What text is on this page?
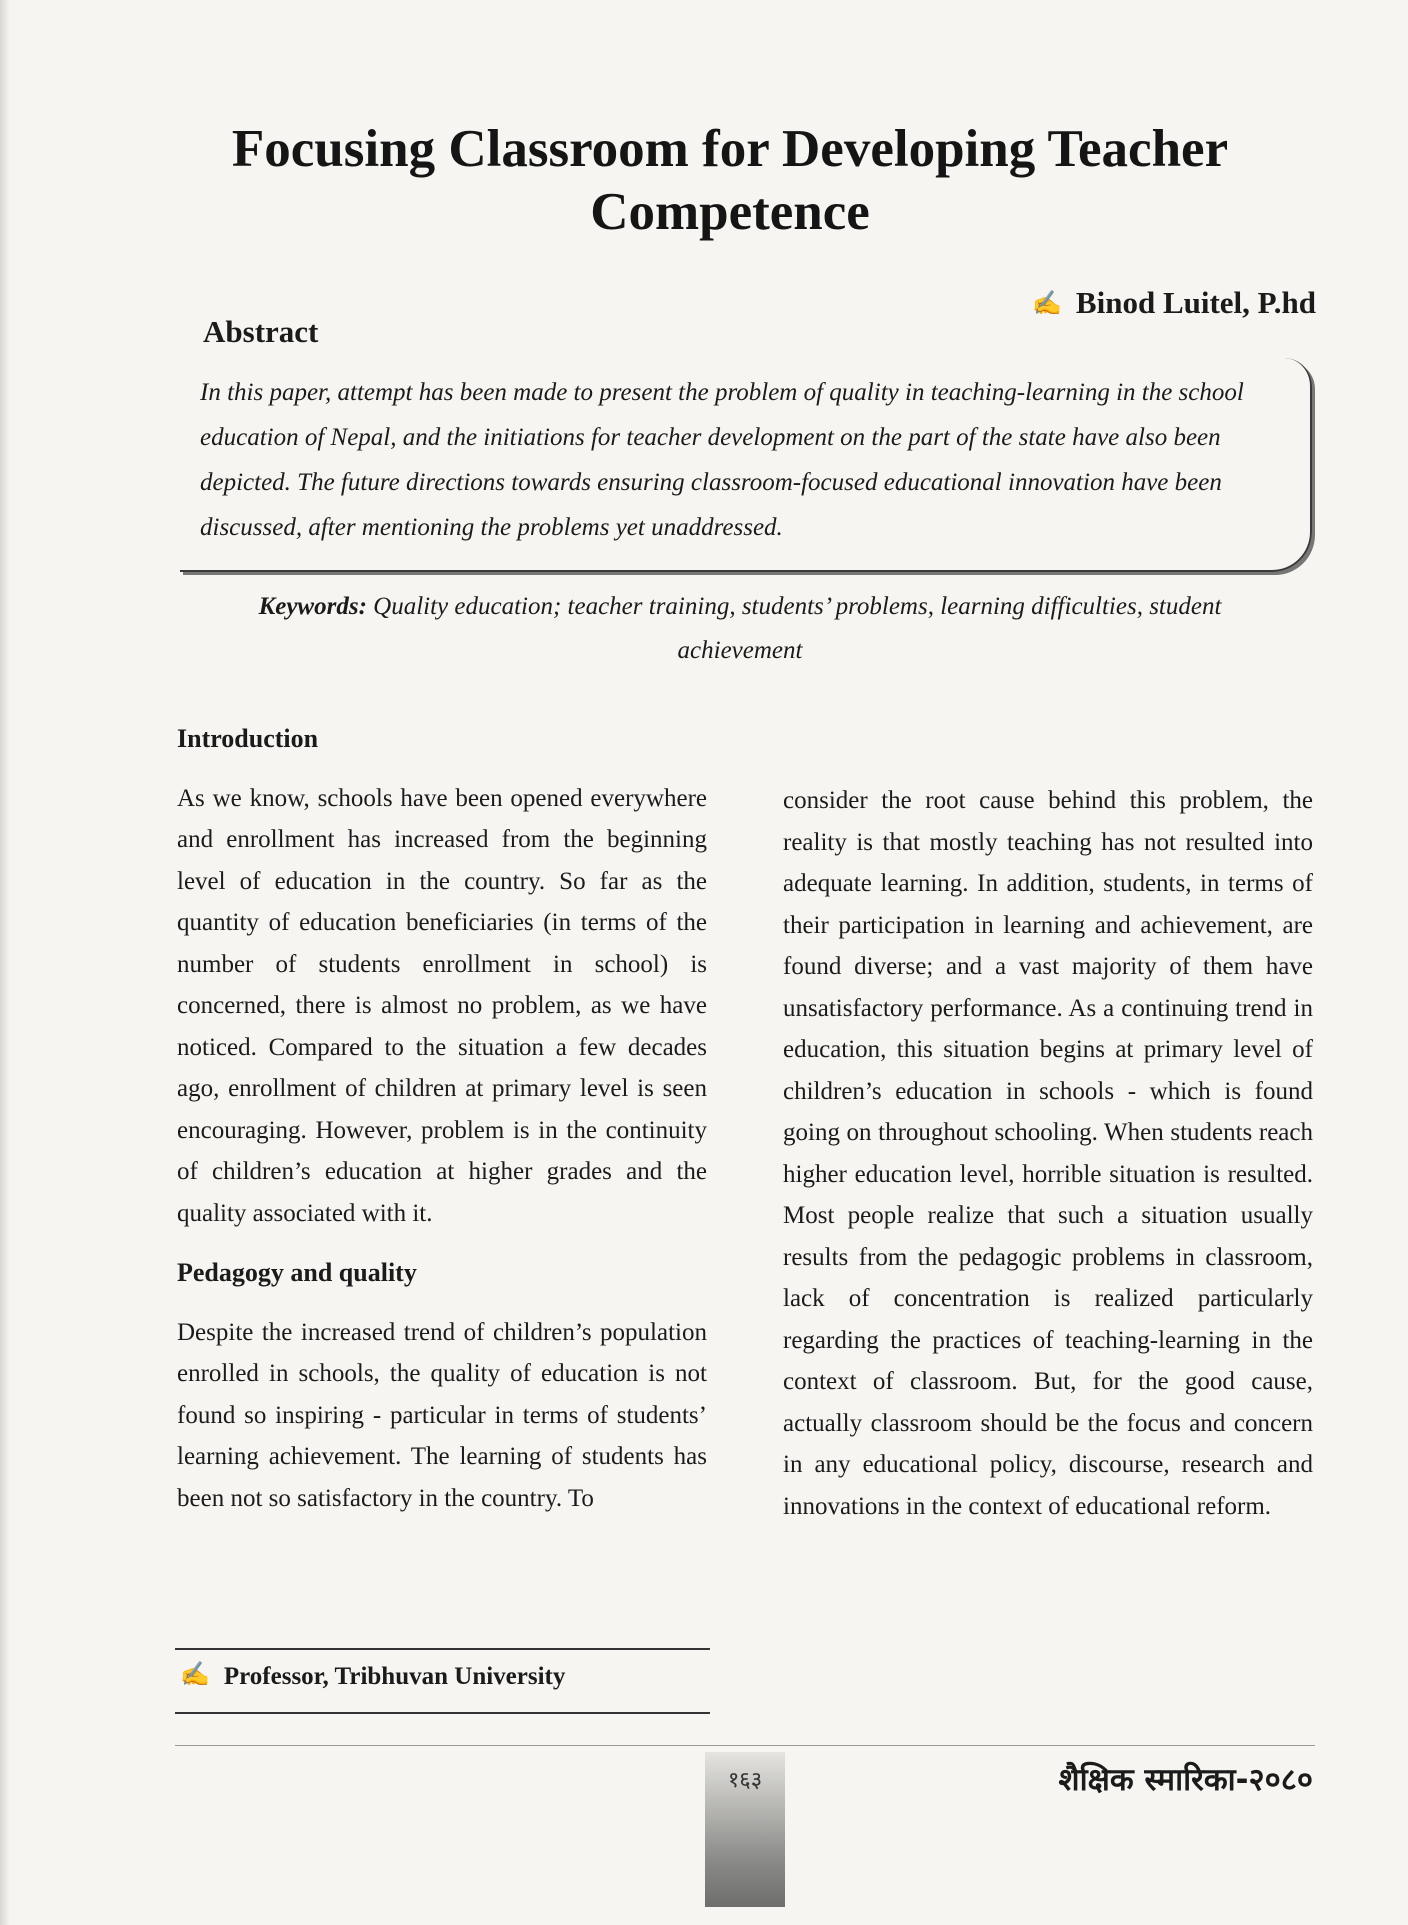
Focusing Classroom for Developing Teacher Competence
✍ Binod Luitel, P.hd
Abstract
In this paper, attempt has been made to present the problem of quality in teaching-learning in the school education of Nepal, and the initiations for teacher development on the part of the state have also been depicted. The future directions towards ensuring classroom-focused educational innovation have been discussed, after mentioning the problems yet unaddressed.
Keywords: Quality education; teacher training, students’ problems, learning difficulties, student achievement
Introduction

As we know, schools have been opened everywhere and enrollment has increased from the beginning level of education in the country. So far as the quantity of education beneficiaries (in terms of the number of students enrollment in school) is concerned, there is almost no problem, as we have noticed. Compared to the situation a few decades ago, enrollment of children at primary level is seen encouraging. However, problem is in the continuity of children’s education at higher grades and the quality associated with it.

Pedagogy and quality

Despite the increased trend of children’s population enrolled in schools, the quality of education is not found so inspiring - particular in terms of students’ learning achievement. The learning of students has been not so satisfactory in the country. To

consider the root cause behind this problem, the reality is that mostly teaching has not resulted into adequate learning. In addition, students, in terms of their participation in learning and achievement, are found diverse; and a vast majority of them have unsatisfactory performance. As a continuing trend in education, this situation begins at primary level of children’s education in schools - which is found going on throughout schooling. When students reach higher education level, horrible situation is resulted. Most people realize that such a situation usually results from the pedagogic problems in classroom, lack of concentration is realized particularly regarding the practices of teaching-learning in the context of classroom. But, for the good cause, actually classroom should be the focus and concern in any educational policy, discourse, research and innovations in the context of educational reform.

✍ Professor, Tribhuvan University
१६३	शैक्षिक स्मारिका-२०८०
